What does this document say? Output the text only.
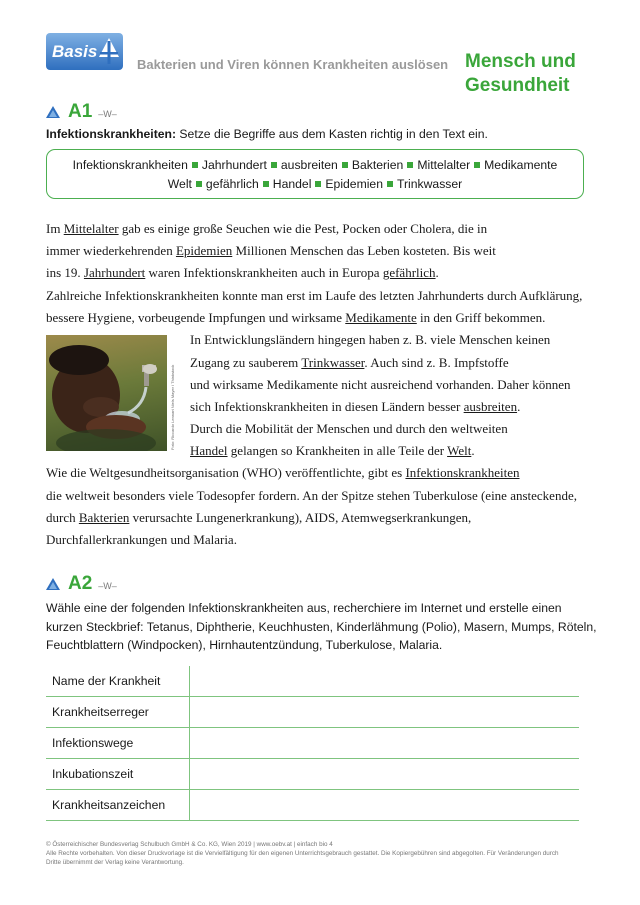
Basis
Bakterien und Viren können Krankheiten auslösen Mensch und Gesundheit
A1 –W–
Infektionskrankheiten: Setze die Begriffe aus dem Kasten richtig in den Text ein.
Infektionskrankheiten Jahrhundert ausbreiten Bakterien Mittelalter Medikamente
Welt gefährlich Handel Epidemien Trinkwasser
Im Mittelalter gab es einige große Seuchen wie die Pest, Pocken oder Cholera, die in
immer wiederkehrenden Epidemien Millionen Menschen das Leben kosteten. Bis weit
ins 19. Jahrhundert waren Infektionskrankheiten auch in Europa gefährlich.
Zahlreiche Infektionskrankheiten konnte man erst im Laufe des letzten Jahrhunderts durch Aufklärung,
bessere Hygiene, vorbeugende Impfungen und wirksame Medikamente in den Griff bekommen.
Foto: Riccardo Lennart Niels Mayer / Thinkstock
In Entwicklungsländern hingegen haben z. B. viele Menschen keinen
Zugang zu sauberem Trinkwasser. Auch sind z. B. Impfstoffe
und wirksame Medikamente nicht ausreichend vorhanden. Daher können
sich Infektionskrankheiten in diesen Ländern besser ausbreiten.
Durch die Mobilität der Menschen und durch den weltweiten
Handel gelangen so Krankheiten in alle Teile der Welt.
Wie die Weltgesundheitsorganisation (WHO) veröffentlichte, gibt es Infektionskrankheiten
die weltweit besonders viele Todesopfer fordern. An der Spitze stehen Tuberkulose (eine ansteckende,
durch Bakterien verursachte Lungenerkrankung), AIDS, Atemwegserkrankungen,
Durchfallerkrankungen und Malaria.
A2 –W–
Wähle eine der folgenden Infektionskrankheiten aus, recherchiere im Internet und erstelle einen
kurzen Steckbrief: Tetanus, Diphtherie, Keuchhusten, Kinderlähmung (Polio), Masern, Mumps, Röteln,
Feuchtblattern (Windpocken), Hirnhautentzündung, Tuberkulose, Malaria.
Name der Krankheit
Krankheitserreger
Infektionswege
Inkubationszeit
Krankheitsanzeichen
© Österreichischer Bundesverlag Schulbuch GmbH & Co. KG, Wien 2019 | www.oebv.at | einfach bio 4
Alle Rechte vorbehalten. Von dieser Druckvorlage ist die Vervielfältigung für den eigenen Unterrichtsgebrauch gestattet. Die Kopiergebühren sind abgegolten. Für Veränderungen durch
Dritte übernimmt der Verlag keine Verantwortung.
